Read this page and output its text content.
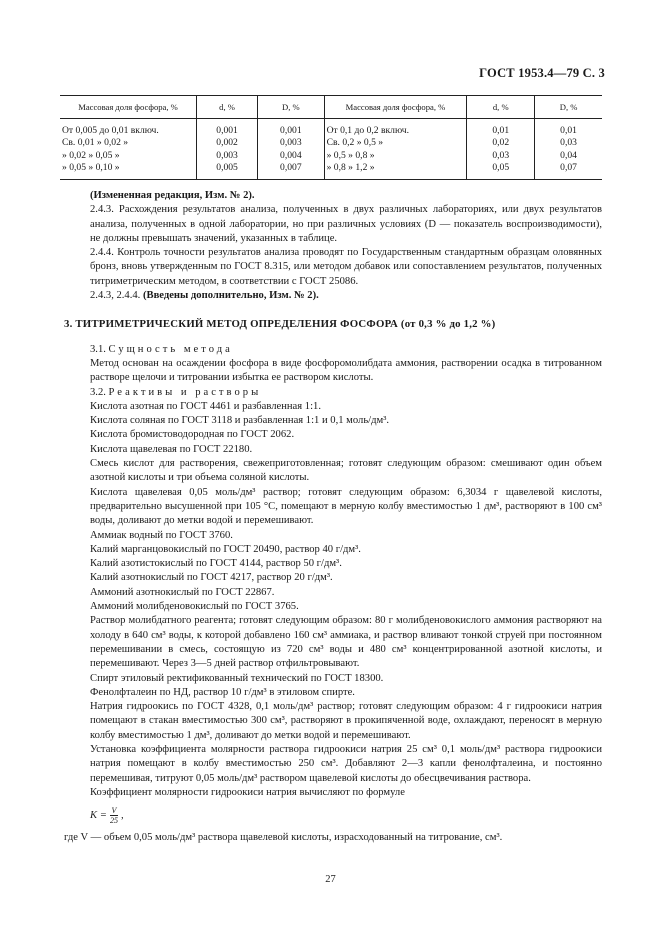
ГОСТ 1953.4—79 С. 3
Массовая доля фосфора, %	d, %	D, %	Массовая доля фосфора, %	d, %	D, %
От 0,005 до 0,01 включ.	0,001	0,001	От 0,1 до 0,2 включ.	0,01	0,01
Св. 0,01 » 0,02 »	0,002	0,003	Св. 0,2 » 0,5 »	0,02	0,03
» 0,02 » 0,05 »	0,003	0,004	» 0,5 » 0,8 »	0,03	0,04
» 0,05 » 0,10 »	0,005	0,007	» 0,8 » 1,2 »	0,05	0,07

(Измененная редакция, Изм. № 2).

2.4.3. Расхождения результатов анализа, полученных в двух различных лабораториях, или двух результатов анализа, полученных в одной лаборатории, но при различных условиях (D — показатель воспроизводимости), не должны превышать значений, указанных в таблице.

2.4.4. Контроль точности результатов анализа проводят по Государственным стандартным образцам оловянных бронз, вновь утвержденным по ГОСТ 8.315, или методом добавок или сопоставлением результатов, полученных титриметрическим методом, в соответствии с ГОСТ 25086.

2.4.3, 2.4.4. (Введены дополнительно, Изм. № 2).

3. ТИТРИМЕТРИЧЕСКИЙ МЕТОД ОПРЕДЕЛЕНИЯ ФОСФОРА (от 0,3 % до 1,2 %)

3.1. Сущность метода

Метод основан на осаждении фосфора в виде фосфоромолибдата аммония, растворении осадка в титрованном растворе щелочи и титровании избытка ее раствором кислоты.

3.2. Реактивы и растворы

Кислота азотная по ГОСТ 4461 и разбавленная 1:1.

Кислота соляная по ГОСТ 3118 и разбавленная 1:1 и 0,1 моль/дм³.

Кислота бромистоводородная по ГОСТ 2062.

Кислота щавелевая по ГОСТ 22180.

Смесь кислот для растворения, свежеприготовленная; готовят следующим образом: смешивают один объем азотной кислоты и три объема соляной кислоты.

Кислота щавелевая 0,05 моль/дм³ раствор; готовят следующим образом: 6,3034 г щавелевой кислоты, предварительно высушенной при 105 °С, помещают в мерную колбу вместимостью 1 дм³, растворяют в 100 см³ воды, доливают до метки водой и перемешивают.

Аммиак водный по ГОСТ 3760.

Калий марганцовокислый по ГОСТ 20490, раствор 40 г/дм³.

Калий азотистокислый по ГОСТ 4144, раствор 50 г/дм³.

Калий азотнокислый по ГОСТ 4217, раствор 20 г/дм³.

Аммоний азотнокислый по ГОСТ 22867.

Аммоний молибденовокислый по ГОСТ 3765.

Раствор молибдатного реагента; готовят следующим образом: 80 г молибденовокислого аммония растворяют на холоду в 640 см³ воды, к которой добавлено 160 см³ аммиака, и раствор вливают тонкой струей при постоянном перемешивании в смесь, состоящую из 720 см³ воды и 480 см³ концентрированной азотной кислоты, и перемешивают. Через 3—5 дней раствор отфильтровывают.

Спирт этиловый ректификованный технический по ГОСТ 18300.

Фенолфталеин по НД, раствор 10 г/дм³ в этиловом спирте.

Натрия гидроокись по ГОСТ 4328, 0,1 моль/дм³ раствор; готовят следующим образом: 4 г гидроокиси натрия помещают в стакан вместимостью 300 см³, растворяют в прокипяченной воде, охлаждают, переносят в мерную колбу вместимостью 1 дм³, доливают до метки водой и перемешивают.

Установка коэффициента молярности раствора гидроокиси натрия 25 см³ 0,1 моль/дм³ раствора гидроокиси натрия помещают в колбу вместимостью 250 см³. Добавляют 2—3 капли фенолфталеина, и постоянно перемешивая, титруют 0,05 моль/дм³ раствором щавелевой кислоты до обесцвечивания раствора.

Коэффициент молярности гидроокиси натрия вычисляют по формуле

$K = \frac{V}{25}$ ,

где V — объем 0,05 моль/дм³ раствора щавелевой кислоты, израсходованный на титрование, см³.

27
